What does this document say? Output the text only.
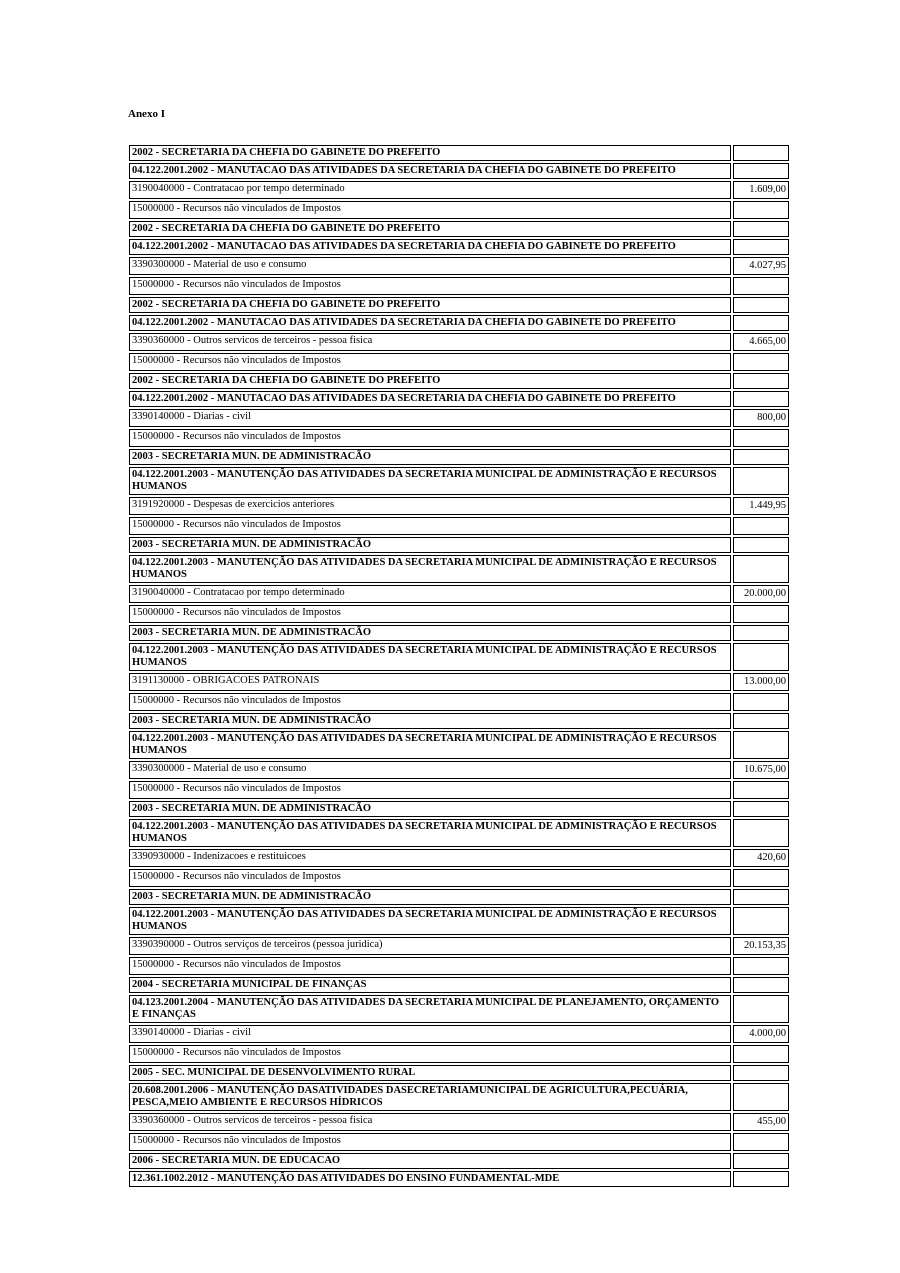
Anexo I
2002 - SECRETARIA DA CHEFIA DO GABINETE DO PREFEITO	
04.122.2001.2002 - MANUTACAO DAS ATIVIDADES DA SECRETARIA DA CHEFIA DO GABINETE DO PREFEITO	
3190040000 - Contratacao por tempo determinado	1.609,00
15000000 - Recursos não vinculados de Impostos	
2002 - SECRETARIA DA CHEFIA DO GABINETE DO PREFEITO	
04.122.2001.2002 - MANUTACAO DAS ATIVIDADES DA SECRETARIA DA CHEFIA DO GABINETE DO PREFEITO	
3390300000 - Material de uso e consumo	4.027,95
15000000 - Recursos não vinculados de Impostos	
2002 - SECRETARIA DA CHEFIA DO GABINETE DO PREFEITO	
04.122.2001.2002 - MANUTACAO DAS ATIVIDADES DA SECRETARIA DA CHEFIA DO GABINETE DO PREFEITO	
3390360000 - Outros servicos de terceiros - pessoa fisica	4.665,00
15000000 - Recursos não vinculados de Impostos	
2002 - SECRETARIA DA CHEFIA DO GABINETE DO PREFEITO	
04.122.2001.2002 - MANUTACAO DAS ATIVIDADES DA SECRETARIA DA CHEFIA DO GABINETE DO PREFEITO	
3390140000 - Diarias - civil	800,00
15000000 - Recursos não vinculados de Impostos	
2003 - SECRETARIA MUN. DE ADMINISTRACÃO	
04.122.2001.2003 - MANUTENÇÃO DAS ATIVIDADES DA SECRETARIA MUNICIPAL DE ADMINISTRAÇÃO E RECURSOS HUMANOS	
3191920000 - Despesas de exercicios anteriores	1.449,95
15000000 - Recursos não vinculados de Impostos	
2003 - SECRETARIA MUN. DE ADMINISTRACÃO	
04.122.2001.2003 - MANUTENÇÃO DAS ATIVIDADES DA SECRETARIA MUNICIPAL DE ADMINISTRAÇÃO E RECURSOS HUMANOS	
3190040000 - Contratacao por tempo determinado	20.000,00
15000000 - Recursos não vinculados de Impostos	
2003 - SECRETARIA MUN. DE ADMINISTRACÃO	
04.122.2001.2003 - MANUTENÇÃO DAS ATIVIDADES DA SECRETARIA MUNICIPAL DE ADMINISTRAÇÃO E RECURSOS HUMANOS	
3191130000 - OBRIGACOES PATRONAIS	13.000,00
15000000 - Recursos não vinculados de Impostos	
2003 - SECRETARIA MUN. DE ADMINISTRACÃO	
04.122.2001.2003 - MANUTENÇÃO DAS ATIVIDADES DA SECRETARIA MUNICIPAL DE ADMINISTRAÇÃO E RECURSOS HUMANOS	
3390300000 - Material de uso e consumo	10.675,00
15000000 - Recursos não vinculados de Impostos	
2003 - SECRETARIA MUN. DE ADMINISTRACÃO	
04.122.2001.2003 - MANUTENÇÃO DAS ATIVIDADES DA SECRETARIA MUNICIPAL DE ADMINISTRAÇÃO E RECURSOS HUMANOS	
3390930000 - Indenizacoes e restituicoes	420,60
15000000 - Recursos não vinculados de Impostos	
2003 - SECRETARIA MUN. DE ADMINISTRACÃO	
04.122.2001.2003 - MANUTENÇÃO DAS ATIVIDADES DA SECRETARIA MUNICIPAL DE ADMINISTRAÇÃO E RECURSOS HUMANOS	
3390390000 - Outros serviços de terceiros (pessoa juridica)	20.153,35
15000000 - Recursos não vinculados de Impostos	
2004 - SECRETARIA MUNICIPAL DE FINANÇAS	
04.123.2001.2004 - MANUTENÇÃO DAS ATIVIDADES DA SECRETARIA MUNICIPAL DE PLANEJAMENTO, ORÇAMENTO E FINANÇAS	
3390140000 - Diarias - civil	4.000,00
15000000 - Recursos não vinculados de Impostos	
2005 - SEC. MUNICIPAL DE DESENVOLVIMENTO RURAL	
20.608.2001.2006 - MANUTENÇÃO DASATIVIDADES DASECRETARIAMUNICIPAL DE AGRICULTURA,PECUÁRIA, PESCA,MEIO AMBIENTE E RECURSOS HÍDRICOS	
3390360000 - Outros servicos de terceiros - pessoa fisica	455,00
15000000 - Recursos não vinculados de Impostos	
2006 - SECRETARIA MUN. DE EDUCACAO	
12.361.1002.2012 - MANUTENÇÃO DAS ATIVIDADES DO ENSINO FUNDAMENTAL-MDE	
